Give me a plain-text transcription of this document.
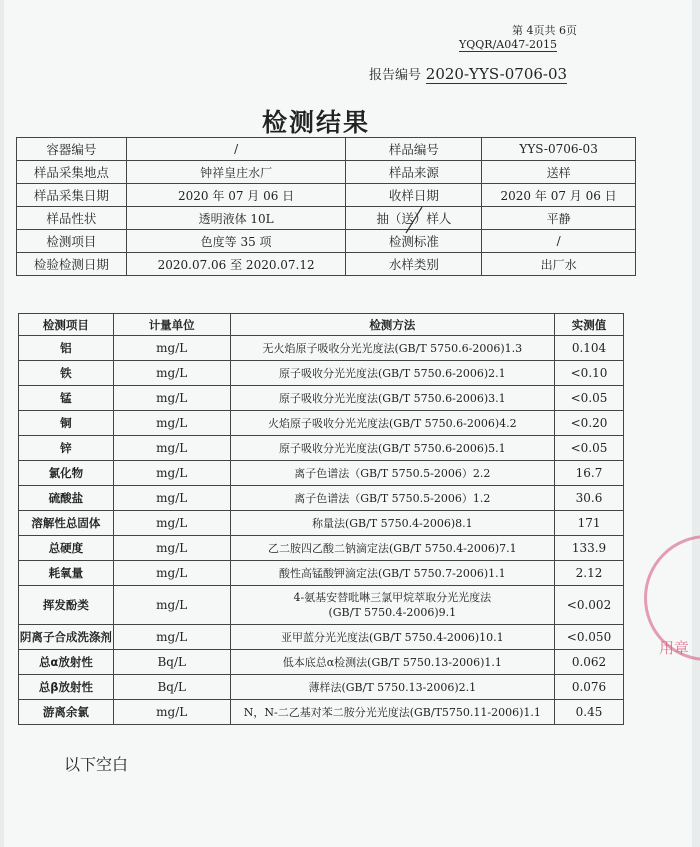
第 4页共 6页
YQQR/A047-2015
报告编号 2020-YYS-0706-03
检测结果
容器编号	/	样品编号	YYS-0706-03
样品采集地点	钟祥皇庄水厂	样品来源	送样
样品采集日期	2020 年 07 月 06 日	收样日期	2020 年 07 月 06 日
样品性状	透明液体 10L	抽（送）样人	平静
检测项目	色度等 35 项	检测标准	/
检验检测日期	2020.07.06 至 2020.07.12	水样类别	出厂水
检测项目	计量单位	检测方法	实测值
铝	mg/L	无火焰原子吸收分光光度法(GB/T 5750.6-2006)1.3	0.104
铁	mg/L	原子吸收分光光度法(GB/T 5750.6-2006)2.1	<0.10
锰	mg/L	原子吸收分光光度法(GB/T 5750.6-2006)3.1	<0.05
铜	mg/L	火焰原子吸收分光光度法(GB/T 5750.6-2006)4.2	<0.20
锌	mg/L	原子吸收分光光度法(GB/T 5750.6-2006)5.1	<0.05
氯化物	mg/L	离子色谱法（GB/T 5750.5-2006）2.2	16.7
硫酸盐	mg/L	离子色谱法（GB/T 5750.5-2006）1.2	30.6
溶解性总固体	mg/L	称量法(GB/T 5750.4-2006)8.1	171
总硬度	mg/L	乙二胺四乙酸二钠滴定法(GB/T 5750.4-2006)7.1	133.9
耗氧量	mg/L	酸性高锰酸钾滴定法(GB/T 5750.7-2006)1.1	2.12
挥发酚类	mg/L	4-氨基安替吡啉三氯甲烷萃取分光光度法
(GB/T 5750.4-2006)9.1	<0.002
阴离子合成洗涤剂	mg/L	亚甲蓝分光光度法(GB/T 5750.4-2006)10.1	<0.050
总α放射性	Bq/L	低本底总α检测法(GB/T 5750.13-2006)1.1	0.062
总β放射性	Bq/L	薄样法(GB/T 5750.13-2006)2.1	0.076
游离余氯	mg/L	N，N-二乙基对苯二胺分光光度法(GB/T5750.11-2006)1.1	0.45
以下空白
用章
